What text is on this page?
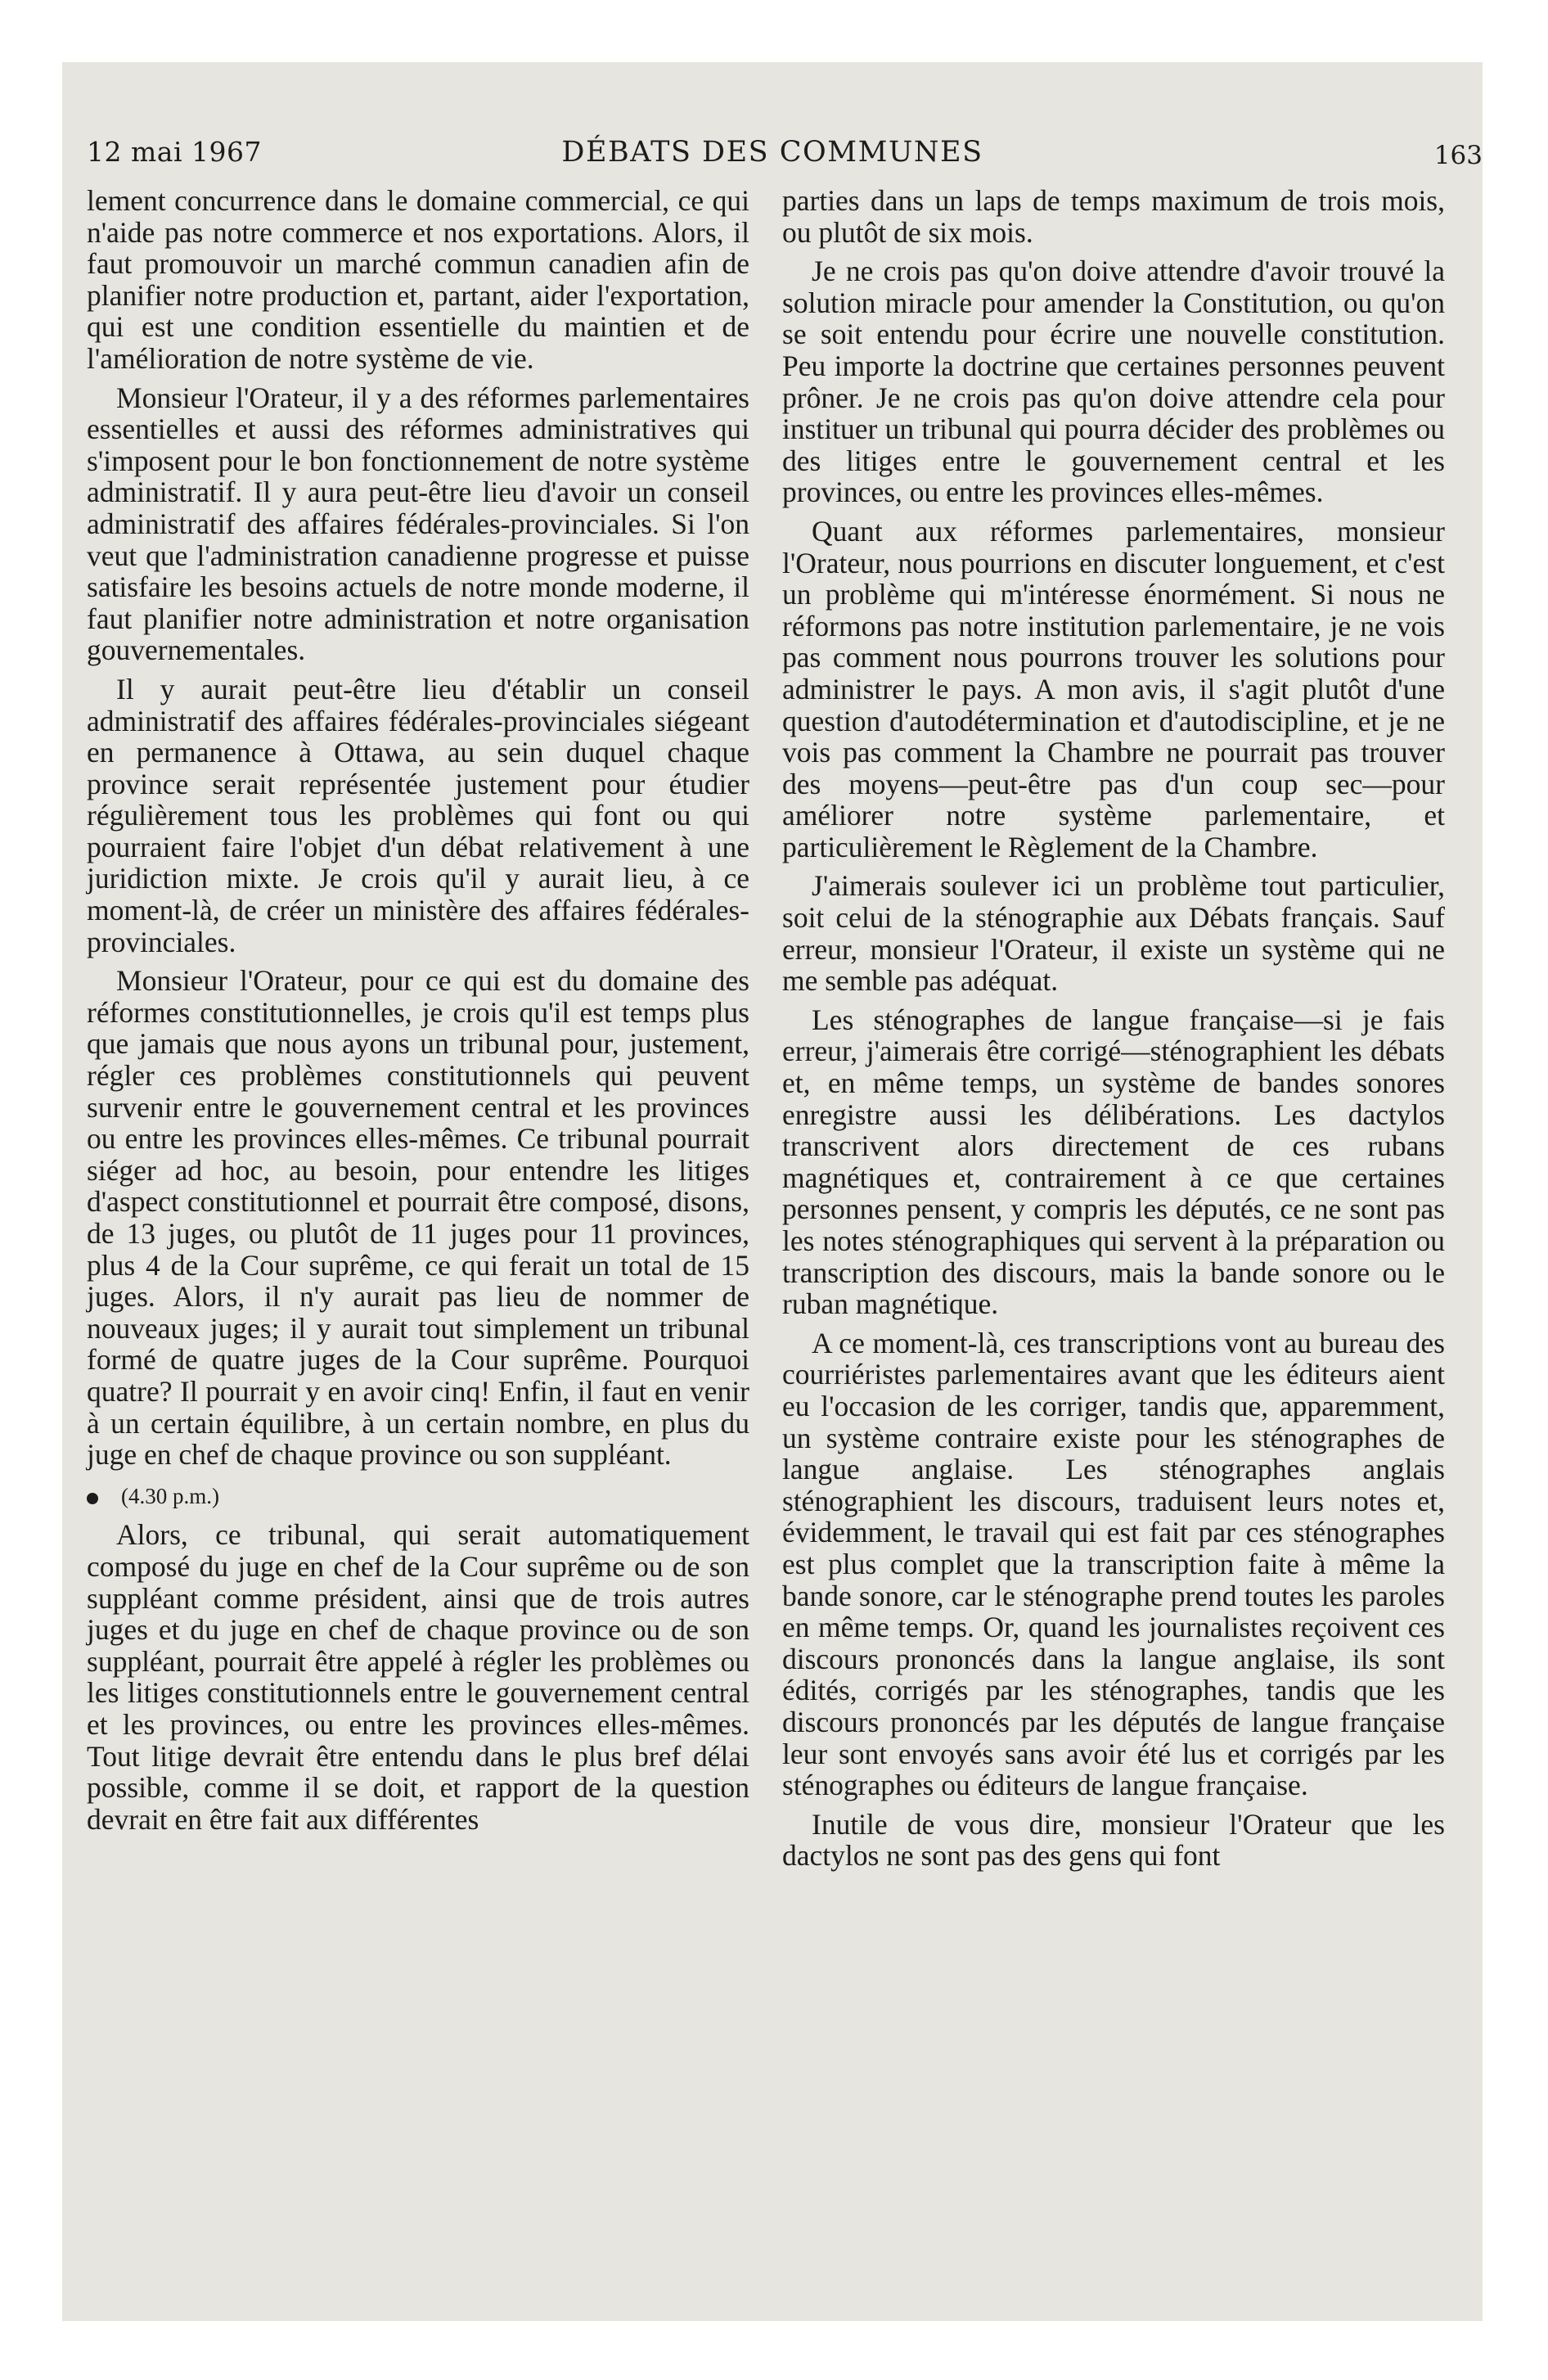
12 mai 1967	DÉBATS DES COMMUNES	163

lement concurrence dans le domaine commercial, ce qui n'aide pas notre commerce et nos exportations. Alors, il faut promouvoir un marché commun canadien afin de planifier notre production et, partant, aider l'exportation, qui est une condition essentielle du maintien et de l'amélioration de notre système de vie.

Monsieur l'Orateur, il y a des réformes parlementaires essentielles et aussi des réformes administratives qui s'imposent pour le bon fonctionnement de notre système administratif. Il y aura peut-être lieu d'avoir un conseil administratif des affaires fédérales-provinciales. Si l'on veut que l'administration canadienne progresse et puisse satisfaire les besoins actuels de notre monde moderne, il faut planifier notre administration et notre organisation gouvernementales.

Il y aurait peut-être lieu d'établir un conseil administratif des affaires fédérales-provinciales siégeant en permanence à Ottawa, au sein duquel chaque province serait représentée justement pour étudier régulièrement tous les problèmes qui font ou qui pourraient faire l'objet d'un débat relativement à une juridiction mixte. Je crois qu'il y aurait lieu, à ce moment-là, de créer un ministère des affaires fédérales-provinciales.

Monsieur l'Orateur, pour ce qui est du domaine des réformes constitutionnelles, je crois qu'il est temps plus que jamais que nous ayons un tribunal pour, justement, régler ces problèmes constitutionnels qui peuvent survenir entre le gouvernement central et les provinces ou entre les provinces elles-mêmes. Ce tribunal pourrait siéger ad hoc, au besoin, pour entendre les litiges d'aspect constitutionnel et pourrait être composé, disons, de 13 juges, ou plutôt de 11 juges pour 11 provinces, plus 4 de la Cour suprême, ce qui ferait un total de 15 juges. Alors, il n'y aurait pas lieu de nommer de nouveaux juges; il y aurait tout simplement un tribunal formé de quatre juges de la Cour suprême. Pourquoi quatre? Il pourrait y en avoir cinq! Enfin, il faut en venir à un certain équilibre, à un certain nombre, en plus du juge en chef de chaque province ou son suppléant.

(4.30 p.m.)

Alors, ce tribunal, qui serait automatiquement composé du juge en chef de la Cour suprême ou de son suppléant comme président, ainsi que de trois autres juges et du juge en chef de chaque province ou de son suppléant, pourrait être appelé à régler les problèmes ou les litiges constitutionnels entre le gouvernement central et les provinces, ou entre les provinces elles-mêmes. Tout litige devrait être entendu dans le plus bref délai possible, comme il se doit, et rapport de la question devrait en être fait aux différentes

parties dans un laps de temps maximum de trois mois, ou plutôt de six mois.

Je ne crois pas qu'on doive attendre d'avoir trouvé la solution miracle pour amender la Constitution, ou qu'on se soit entendu pour écrire une nouvelle constitution. Peu importe la doctrine que certaines personnes peuvent prôner. Je ne crois pas qu'on doive attendre cela pour instituer un tribunal qui pourra décider des problèmes ou des litiges entre le gouvernement central et les provinces, ou entre les provinces elles-mêmes.

Quant aux réformes parlementaires, monsieur l'Orateur, nous pourrions en discuter longuement, et c'est un problème qui m'intéresse énormément. Si nous ne réformons pas notre institution parlementaire, je ne vois pas comment nous pourrons trouver les solutions pour administrer le pays. A mon avis, il s'agit plutôt d'une question d'autodétermination et d'autodiscipline, et je ne vois pas comment la Chambre ne pourrait pas trouver des moyens—peut-être pas d'un coup sec—pour améliorer notre système parlementaire, et particulièrement le Règlement de la Chambre.

J'aimerais soulever ici un problème tout particulier, soit celui de la sténographie aux Débats français. Sauf erreur, monsieur l'Orateur, il existe un système qui ne me semble pas adéquat.

Les sténographes de langue française—si je fais erreur, j'aimerais être corrigé—sténographient les débats et, en même temps, un système de bandes sonores enregistre aussi les délibérations. Les dactylos transcrivent alors directement de ces rubans magnétiques et, contrairement à ce que certaines personnes pensent, y compris les députés, ce ne sont pas les notes sténographiques qui servent à la préparation ou transcription des discours, mais la bande sonore ou le ruban magnétique.

A ce moment-là, ces transcriptions vont au bureau des courriéristes parlementaires avant que les éditeurs aient eu l'occasion de les corriger, tandis que, apparemment, un système contraire existe pour les sténographes de langue anglaise. Les sténographes anglais sténographient les discours, traduisent leurs notes et, évidemment, le travail qui est fait par ces sténographes est plus complet que la transcription faite à même la bande sonore, car le sténographe prend toutes les paroles en même temps. Or, quand les journalistes reçoivent ces discours prononcés dans la langue anglaise, ils sont édités, corrigés par les sténographes, tandis que les discours prononcés par les députés de langue française leur sont envoyés sans avoir été lus et corrigés par les sténographes ou éditeurs de langue française.

Inutile de vous dire, monsieur l'Orateur que les dactylos ne sont pas des gens qui font
